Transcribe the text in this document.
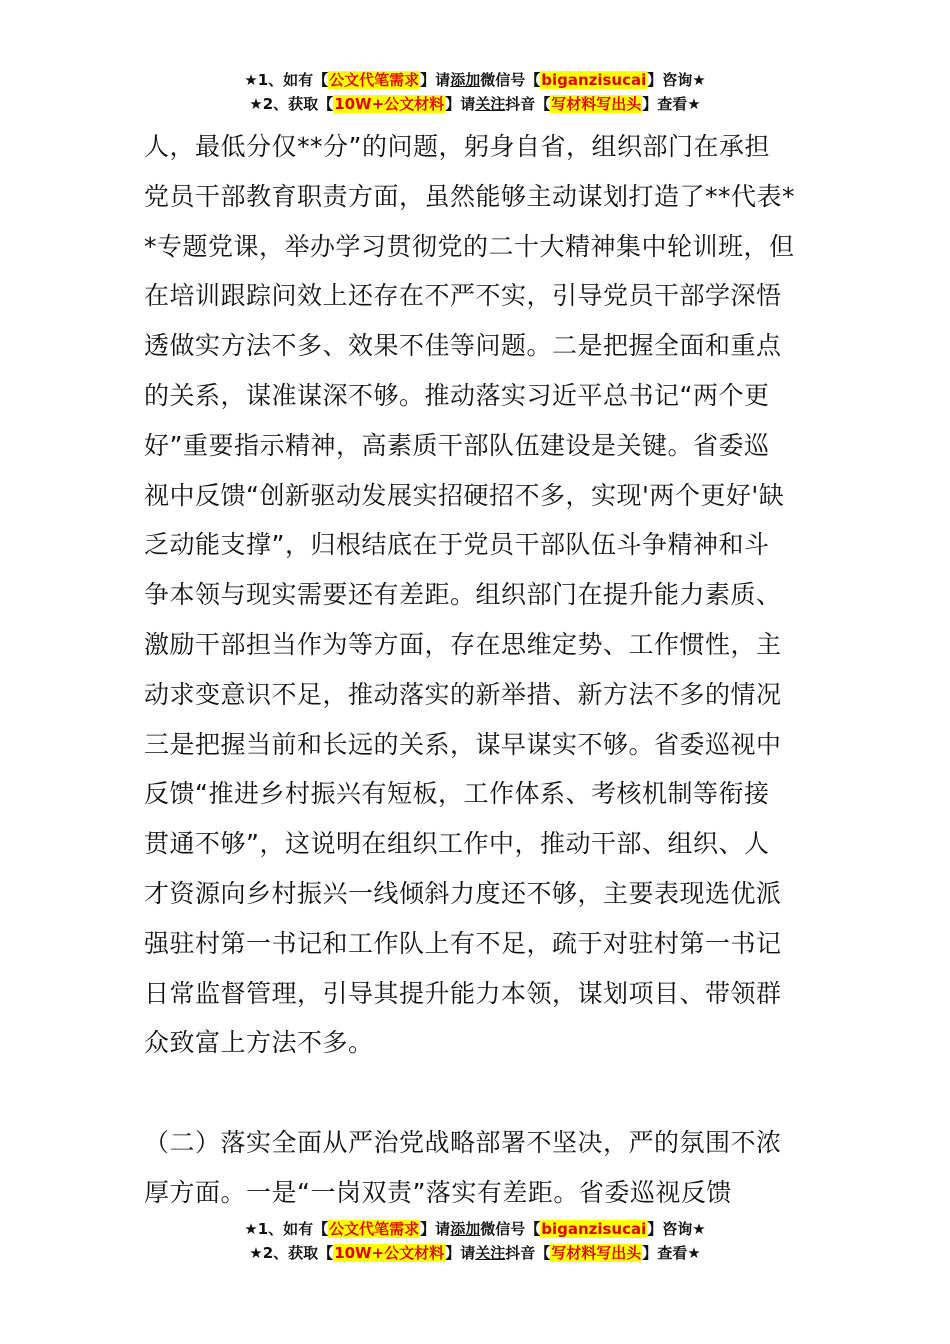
★1、如有【公文代笔需求】请添加微信号【biganzisucai】咨询★
★2、获取【10W+公文材料】请关注抖音【写材料写出头】查看★
人，最低分仅**分”的问题，躬身自省，组织部门在承担
党员干部教育职责方面，虽然能够主动谋划打造了**代表*
*专题党课，举办学习贯彻党的二十大精神集中轮训班，但
在培训跟踪问效上还存在不严不实，引导党员干部学深悟
透做实方法不多、效果不佳等问题。二是把握全面和重点
的关系，谋准谋深不够。推动落实习近平总书记“两个更
好”重要指示精神，高素质干部队伍建设是关键。省委巡
视中反馈“创新驱动发展实招硬招不多，实现'两个更好'缺
乏动能支撑”，归根结底在于党员干部队伍斗争精神和斗
争本领与现实需要还有差距。组织部门在提升能力素质、
激励干部担当作为等方面，存在思维定势、工作惯性，主
动求变意识不足，推动落实的新举措、新方法不多的情况
三是把握当前和长远的关系，谋早谋实不够。省委巡视中
反馈“推进乡村振兴有短板，工作体系、考核机制等衔接
贯通不够”，这说明在组织工作中，推动干部、组织、人
才资源向乡村振兴一线倾斜力度还不够，主要表现选优派
强驻村第一书记和工作队上有不足，疏于对驻村第一书记
日常监督管理，引导其提升能力本领，谋划项目、带领群
众致富上方法不多。
（二）落实全面从严治党战略部署不坚决，严的氛围不浓
厚方面。一是“一岗双责”落实有差距。省委巡视反馈
★1、如有【公文代笔需求】请添加微信号【biganzisucai】咨询★
★2、获取【10W+公文材料】请关注抖音【写材料写出头】查看★
